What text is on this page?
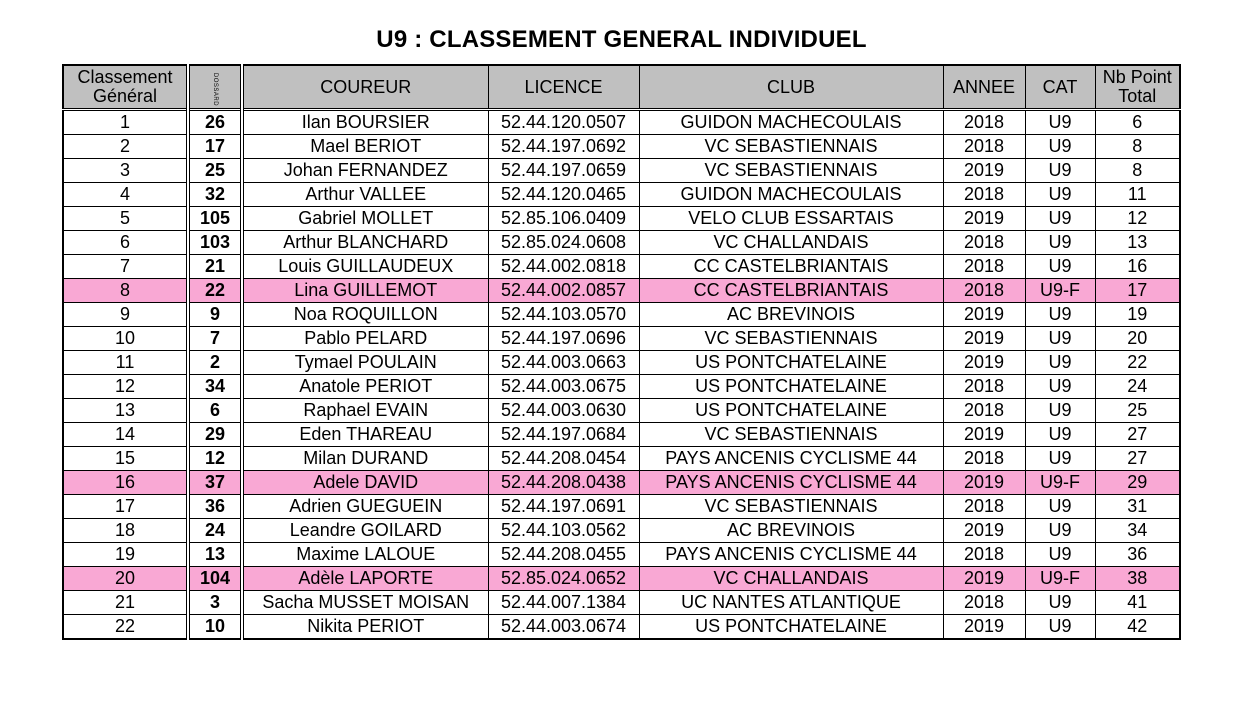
U9 : CLASSEMENT GENERAL INDIVIDUEL
Classement Général	DOSSARD	COUREUR	LICENCE	CLUB	ANNEE	CAT	Nb Point Total
1	26	Ilan BOURSIER	52.44.120.0507	GUIDON MACHECOULAIS	2018	U9	6
2	17	Mael BERIOT	52.44.197.0692	VC SEBASTIENNAIS	2018	U9	8
3	25	Johan FERNANDEZ	52.44.197.0659	VC SEBASTIENNAIS	2019	U9	8
4	32	Arthur VALLEE	52.44.120.0465	GUIDON MACHECOULAIS	2018	U9	11
5	105	Gabriel MOLLET	52.85.106.0409	VELO CLUB ESSARTAIS	2019	U9	12
6	103	Arthur BLANCHARD	52.85.024.0608	VC CHALLANDAIS	2018	U9	13
7	21	Louis GUILLAUDEUX	52.44.002.0818	CC CASTELBRIANTAIS	2018	U9	16
8	22	Lina GUILLEMOT	52.44.002.0857	CC CASTELBRIANTAIS	2018	U9-F	17
9	9	Noa ROQUILLON	52.44.103.0570	AC BREVINOIS	2019	U9	19
10	7	Pablo PELARD	52.44.197.0696	VC SEBASTIENNAIS	2019	U9	20
11	2	Tymael POULAIN	52.44.003.0663	US PONTCHATELAINE	2019	U9	22
12	34	Anatole PERIOT	52.44.003.0675	US PONTCHATELAINE	2018	U9	24
13	6	Raphael EVAIN	52.44.003.0630	US PONTCHATELAINE	2018	U9	25
14	29	Eden THAREAU	52.44.197.0684	VC SEBASTIENNAIS	2019	U9	27
15	12	Milan DURAND	52.44.208.0454	PAYS ANCENIS CYCLISME 44	2018	U9	27
16	37	Adele DAVID	52.44.208.0438	PAYS ANCENIS CYCLISME 44	2019	U9-F	29
17	36	Adrien GUEGUEIN	52.44.197.0691	VC SEBASTIENNAIS	2018	U9	31
18	24	Leandre GOILARD	52.44.103.0562	AC BREVINOIS	2019	U9	34
19	13	Maxime LALOUE	52.44.208.0455	PAYS ANCENIS CYCLISME 44	2018	U9	36
20	104	Adèle LAPORTE	52.85.024.0652	VC CHALLANDAIS	2019	U9-F	38
21	3	Sacha MUSSET MOISAN	52.44.007.1384	UC NANTES ATLANTIQUE	2018	U9	41
22	10	Nikita PERIOT	52.44.003.0674	US PONTCHATELAINE	2019	U9	42
